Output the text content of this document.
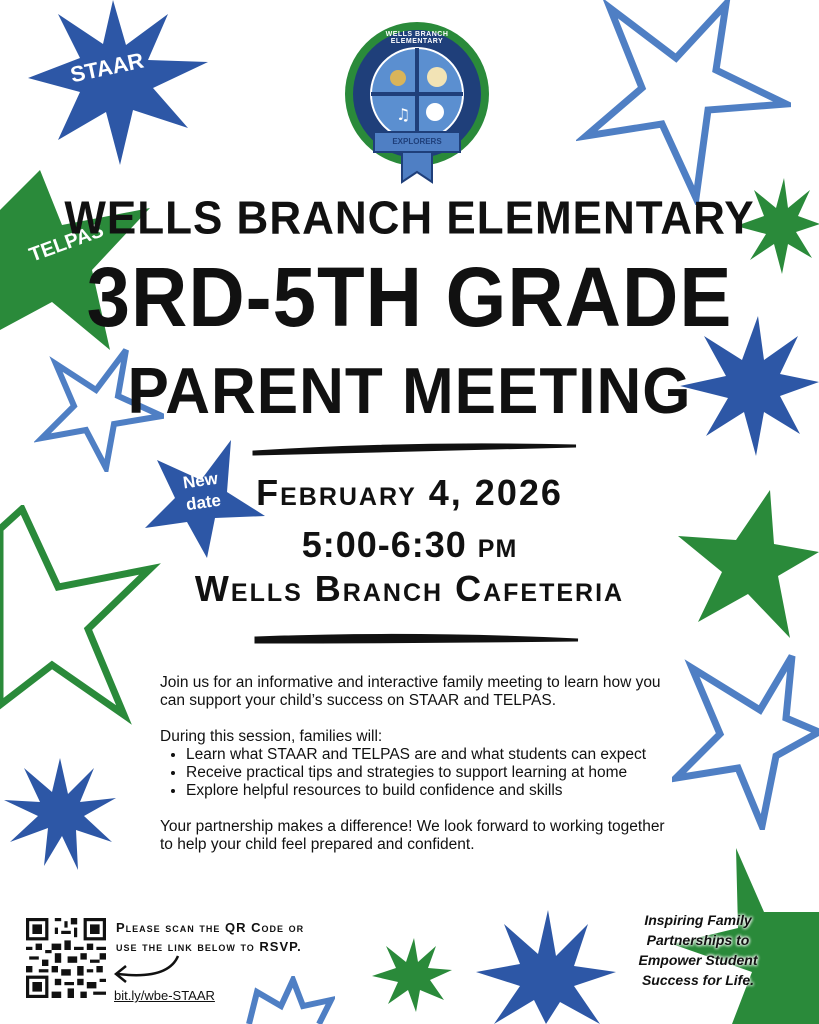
STAAR
TELPAS
New date
♫
WELLS BRANCH ELEMENTARY
EXPLORERS
WELLS BRANCH ELEMENTARY
3RD-5TH GRADE
PARENT MEETING
February 4, 2026
5:00-6:30 pm
Wells Branch Cafeteria

Join us for an informative and interactive family meeting to learn how you can support your child’s success on STAAR and TELPAS.

During this session, families will:

• Learn what STAAR and TELPAS are and what students can expect
• Receive practical tips and strategies to support learning at home
• Explore helpful resources to build confidence and skills

Your partnership makes a difference! We look forward to working together to help your child feel prepared and confident.

Please scan the QR Code or use the link below to RSVP.
bit.ly/wbe-STAAR
Inspiring Family Partnerships to Empower Student Success for Life.
